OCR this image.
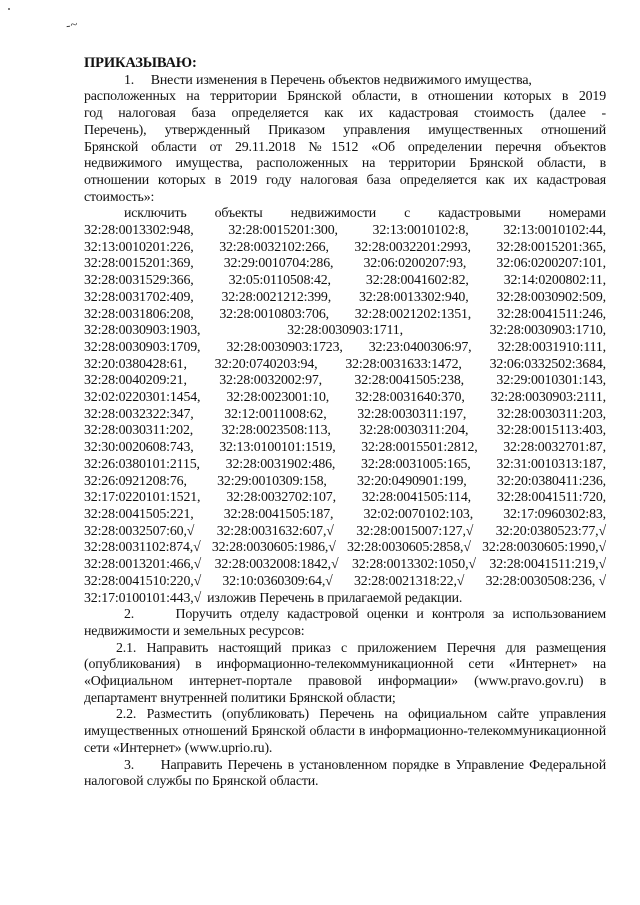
-~
ПРИКАЗЫВАЮ:
1.     Внести изменения в Перечень объектов недвижимого имущества,

расположенных на территории Брянской области, в отношении которых в 2019

год налоговая база определяется как их кадастровая стоимость (далее -

Перечень), утвержденный Приказом управления имущественных отношений

Брянской области от 29.11.2018 №1512 «Об определении перечня объектов

недвижимого имущества, расположенных на территории Брянской области, в

отношении которых в 2019 году налоговая база определяется как их кадастровая

стоимость»:

исключить объекты недвижимости с кадастровыми номерами
32:28:0013302:948, 32:28:0015201:300, 32:13:0010102:8, 32:13:0010102:44,
32:13:0010201:226, 32:28:0032102:266, 32:28:0032201:2993, 32:28:0015201:365,
32:28:0015201:369, 32:29:0010704:286, 32:06:0200207:93, 32:06:0200207:101,
32:28:0031529:366,	32:05:0110508:42,	32:28:0041602:82,	32:14:0200802:11,
32:28:0031702:409, 32:28:0021212:399, 32:28:0013302:940, 32:28:0030902:509,
32:28:0031806:208, 32:28:0010803:706, 32:28:0021202:1351, 32:28:0041511:246,
32:28:0030903:1903,	32:28:0030903:1711,	32:28:0030903:1710,
32:28:0030903:1709, 32:28:0030903:1723, 32:23:0400306:97, 32:28:0031910:111,
32:20:0380428:61, 32:20:0740203:94, 32:28:0031633:1472, 32:06:0332502:3684,
32:28:0040209:21, 32:28:0032002:97, 32:28:0041505:238, 32:29:0010301:143,
32:02:0220301:1454, 32:28:0023001:10, 32:28:0031640:370, 32:28:0030903:2111,
32:28:0032322:347, 32:12:0011008:62, 32:28:0030311:197, 32:28:0030311:203,
32:28:0030311:202, 32:28:0023508:113, 32:28:0030311:204, 32:28:0015113:403,
32:30:0020608:743, 32:13:0100101:1519, 32:28:0015501:2812, 32:28:0032701:87,
32:26:0380101:2115, 32:28:0031902:486, 32:28:0031005:165, 32:31:0010313:187,
32:26:0921208:76, 32:29:0010309:158, 32:20:0490901:199, 32:20:0380411:236,
32:17:0220101:1521, 32:28:0032702:107, 32:28:0041505:114, 32:28:0041511:720,
32:28:0041505:221, 32:28:0041505:187, 32:02:0070102:103, 32:17:0960302:83,
32:28:0032507:60,√ 32:28:0031632:607,√ 32:28:0015007:127,√ 32:20:0380523:77,√
32:28:0031102:874,√ 32:28:0030605:1986,√ 32:28:0030605:2858,√ 32:28:0030605:1990,√
32:28:0013201:466,√ 32:28:0032008:1842,√ 32:28:0013302:1050,√ 32:28:0041511:219,√
32:28:0041510:220,√ 32:10:0360309:64,√ 32:28:0021318:22,√ 32:28:0030508:236, √
32:17:0100101:443,√ изложив Перечень в прилагаемой редакции.

2.     Поручить отделу кадастровой оценки и контроля за использованием недвижимости и земельных ресурсов:

2.1. Направить настоящий приказ с приложением Перечня для размещения (опубликования) в информационно-телекоммуникационной сети «Интернет» на «Официальном интернет-портале правовой информации» (www.pravo.gov.ru) в департамент внутренней политики Брянской области;

2.2. Разместить (опубликовать) Перечень на официальном сайте управления имущественных отношений Брянской области в информационно-телекоммуникационной сети «Интернет» (www.uprio.ru).

3.     Направить Перечень в установленном порядке в Управление Федеральной налоговой службы по Брянской области.
